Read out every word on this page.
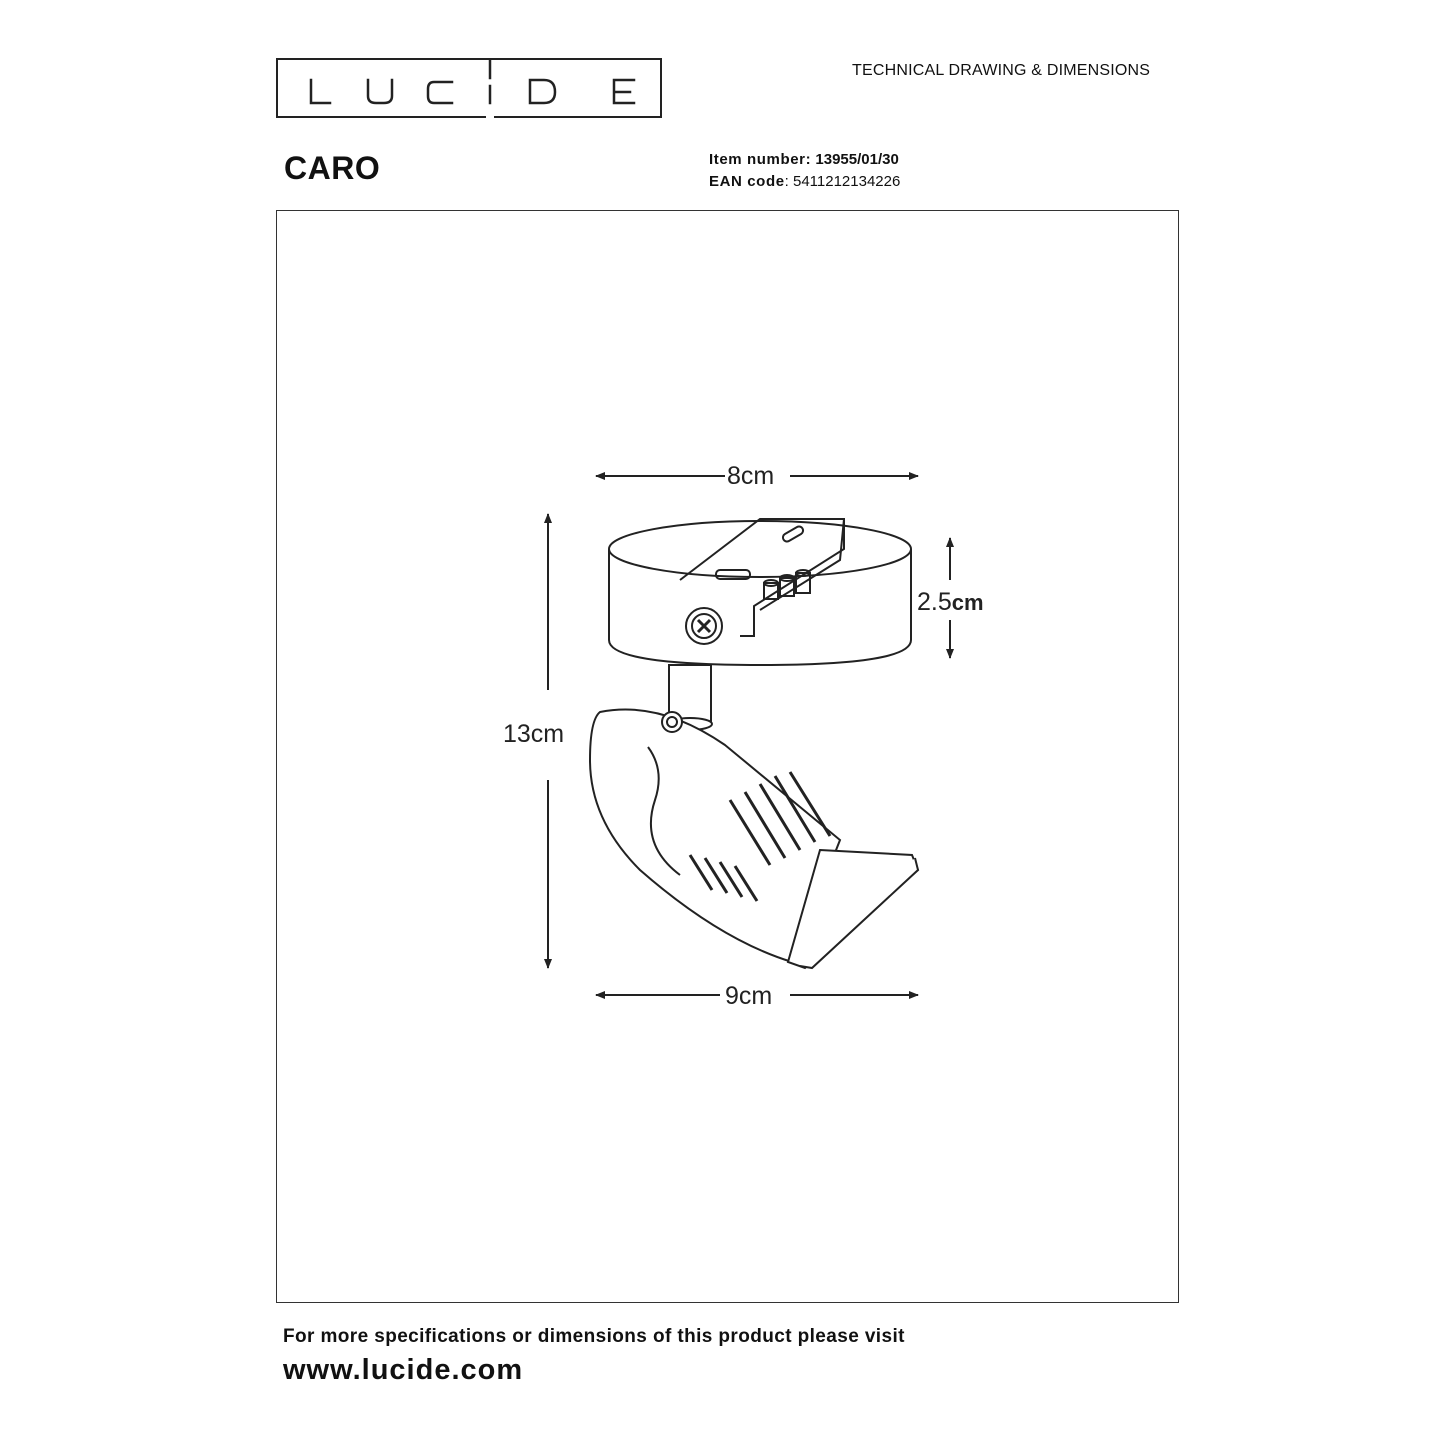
TECHNICAL DRAWING & DIMENSIONS
CARO	Item number: 13955/01/30
EAN code: 5411212134226
8cm
13cm
2.5cm
9cm
For more specifications or dimensions of this product please visit
www.lucide.com
